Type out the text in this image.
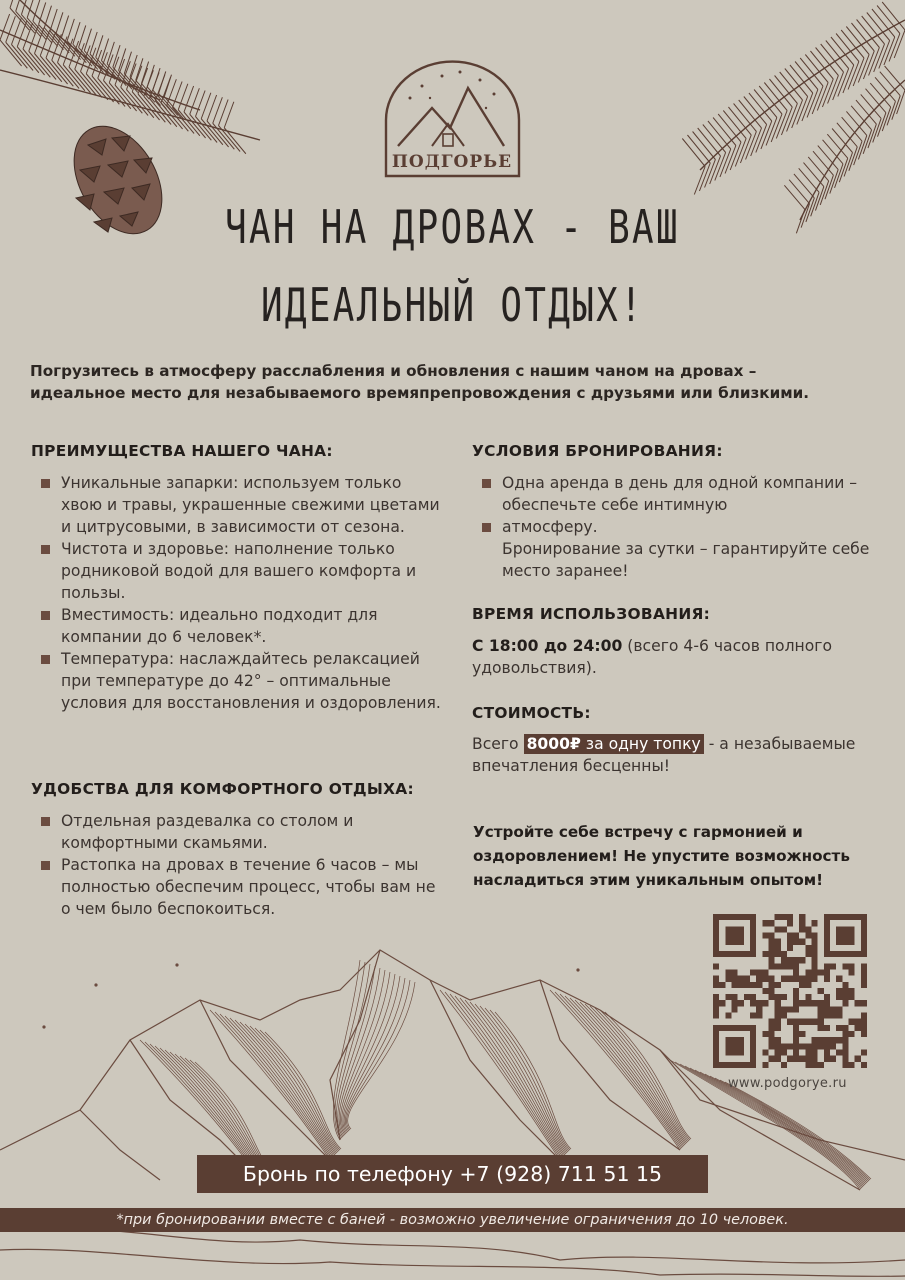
ПОДГОРЬЕ
ЧАН НА ДРОВАХ - ВАШ
ИДЕАЛЬНЫЙ ОТДЫХ!
Погрузитесь в атмосферу расслабления и обновления с нашим чаном на дровах –
идеальное место для незабываемого времяпрепровождения с друзьями или близкими.
ПРЕИМУЩЕСТВА НАШЕГО ЧАНА:
Уникальные запарки: используем только хвою и травы, украшенные свежими цветами и цитрусовыми, в зависимости от сезона.
Чистота и здоровье: наполнение только родниковой водой для вашего комфорта и пользы.
Вместимость: идеально подходит для компании до 6 человек*.
Температура: наслаждайтесь релаксацией при температуре до 42° – оптимальные условия для восстановления и оздоровления.
УДОБСТВА ДЛЯ КОМФОРТНОГО ОТДЫХА:
Отдельная раздевалка со столом и комфортными скамьями.
Растопка на дровах в течение 6 часов – мы полностью обеспечим процесс, чтобы вам не о чем было беспокоиться.
УСЛОВИЯ БРОНИРОВАНИЯ:
Одна аренда в день для одной компании – обеспечьте себе интимную
атмосферу.
Бронирование за сутки – гарантируйте себе место заранее!
ВРЕМЯ ИСПОЛЬЗОВАНИЯ:
С 18:00 до 24:00 (всего 4-6 часов полного удовольствия).
СТОИМОСТЬ:
Всего 8000₽ за одну топку - а незабываемые впечатления бесценны!
Устройте себе встречу с гармонией и оздоровлением! Не упустите возможность насладиться этим уникальным опытом!
www.podgorye.ru
Бронь по телефону +7 (928) 711 51 15
*при бронировании вместе с баней - возможно увеличение ограничения до 10 человек.
